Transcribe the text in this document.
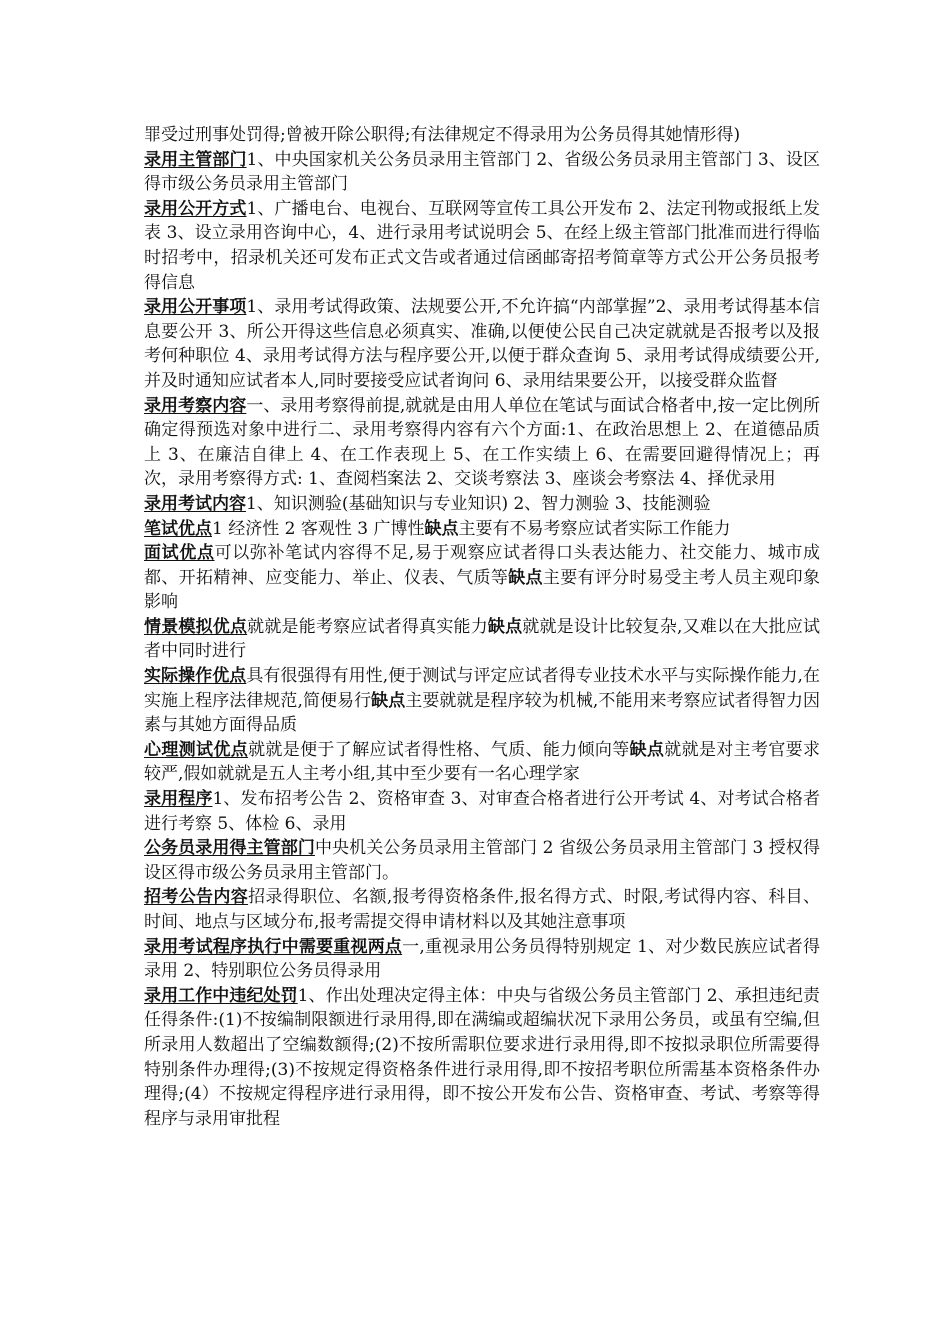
罪受过刑事处罚得;曾被开除公职得;有法律规定不得录用为公务员得其她情形得)

录用主管部门1、中央国家机关公务员录用主管部门 2、省级公务员录用主管部门 3、设区得市级公务员录用主管部门

录用公开方式1、广播电台、电视台、互联网等宣传工具公开发布 2、法定刊物或报纸上发表 3、设立录用咨询中心，4、进行录用考试说明会 5、在经上级主管部门批准而进行得临时招考中，招录机关还可发布正式文告或者通过信函邮寄招考简章等方式公开公务员报考得信息

录用公开事项1、录用考试得政策、法规要公开,不允许搞“内部掌握”2、录用考试得基本信息要公开 3、所公开得这些信息必须真实、准确,以便使公民自己决定就就是否报考以及报考何种职位 4、录用考试得方法与程序要公开,以便于群众查询 5、录用考试得成绩要公开,并及时通知应试者本人,同时要接受应试者询问 6、录用结果要公开，以接受群众监督

录用考察内容一、录用考察得前提,就就是由用人单位在笔试与面试合格者中,按一定比例所确定得预选对象中进行二、录用考察得内容有六个方面:1、在政治思想上 2、在道德品质上 3、在廉洁自律上 4、在工作表现上 5、在工作实绩上 6、在需要回避得情况上；再次，录用考察得方式: 1、查阅档案法 2、交谈考察法 3、座谈会考察法 4、择优录用

录用考试内容1、知识测验(基础知识与专业知识) 2、智力测验 3、技能测验

笔试优点1 经济性 2 客观性 3 广博性缺点主要有不易考察应试者实际工作能力

面试优点可以弥补笔试内容得不足,易于观察应试者得口头表达能力、社交能力、城市成都、开拓精神、应变能力、举止、仪表、气质等缺点主要有评分时易受主考人员主观印象影响

情景模拟优点就就是能考察应试者得真实能力缺点就就是设计比较复杂,又难以在大批应试者中同时进行

实际操作优点具有很强得有用性,便于测试与评定应试者得专业技术水平与实际操作能力,在实施上程序法律规范,简便易行缺点主要就就是程序较为机械,不能用来考察应试者得智力因素与其她方面得品质

心理测试优点就就是便于了解应试者得性格、气质、能力倾向等缺点就就是对主考官要求较严,假如就就是五人主考小组,其中至少要有一名心理学家

录用程序1、发布招考公告 2、资格审查 3、对审查合格者进行公开考试 4、对考试合格者进行考察 5、体检 6、录用

公务员录用得主管部门中央机关公务员录用主管部门 2 省级公务员录用主管部门 3 授权得设区得市级公务员录用主管部门。

招考公告内容招录得职位、名额,报考得资格条件,报名得方式、时限,考试得内容、科目、时间、地点与区域分布,报考需提交得申请材料以及其她注意事项

录用考试程序执行中需要重视两点一,重视录用公务员得特别规定 1、对少数民族应试者得录用 2、特别职位公务员得录用

录用工作中违纪处罚1、作出处理决定得主体：中央与省级公务员主管部门 2、承担违纪责任得条件:(1)不按编制限额进行录用得,即在满编或超编状况下录用公务员，或虽有空编,但所录用人数超出了空编数额得;(2)不按所需职位要求进行录用得,即不按拟录职位所需要得特别条件办理得;(3)不按规定得资格条件进行录用得,即不按招考职位所需基本资格条件办理得;(4）不按规定得程序进行录用得，即不按公开发布公告、资格审查、考试、考察等得程序与录用审批程
